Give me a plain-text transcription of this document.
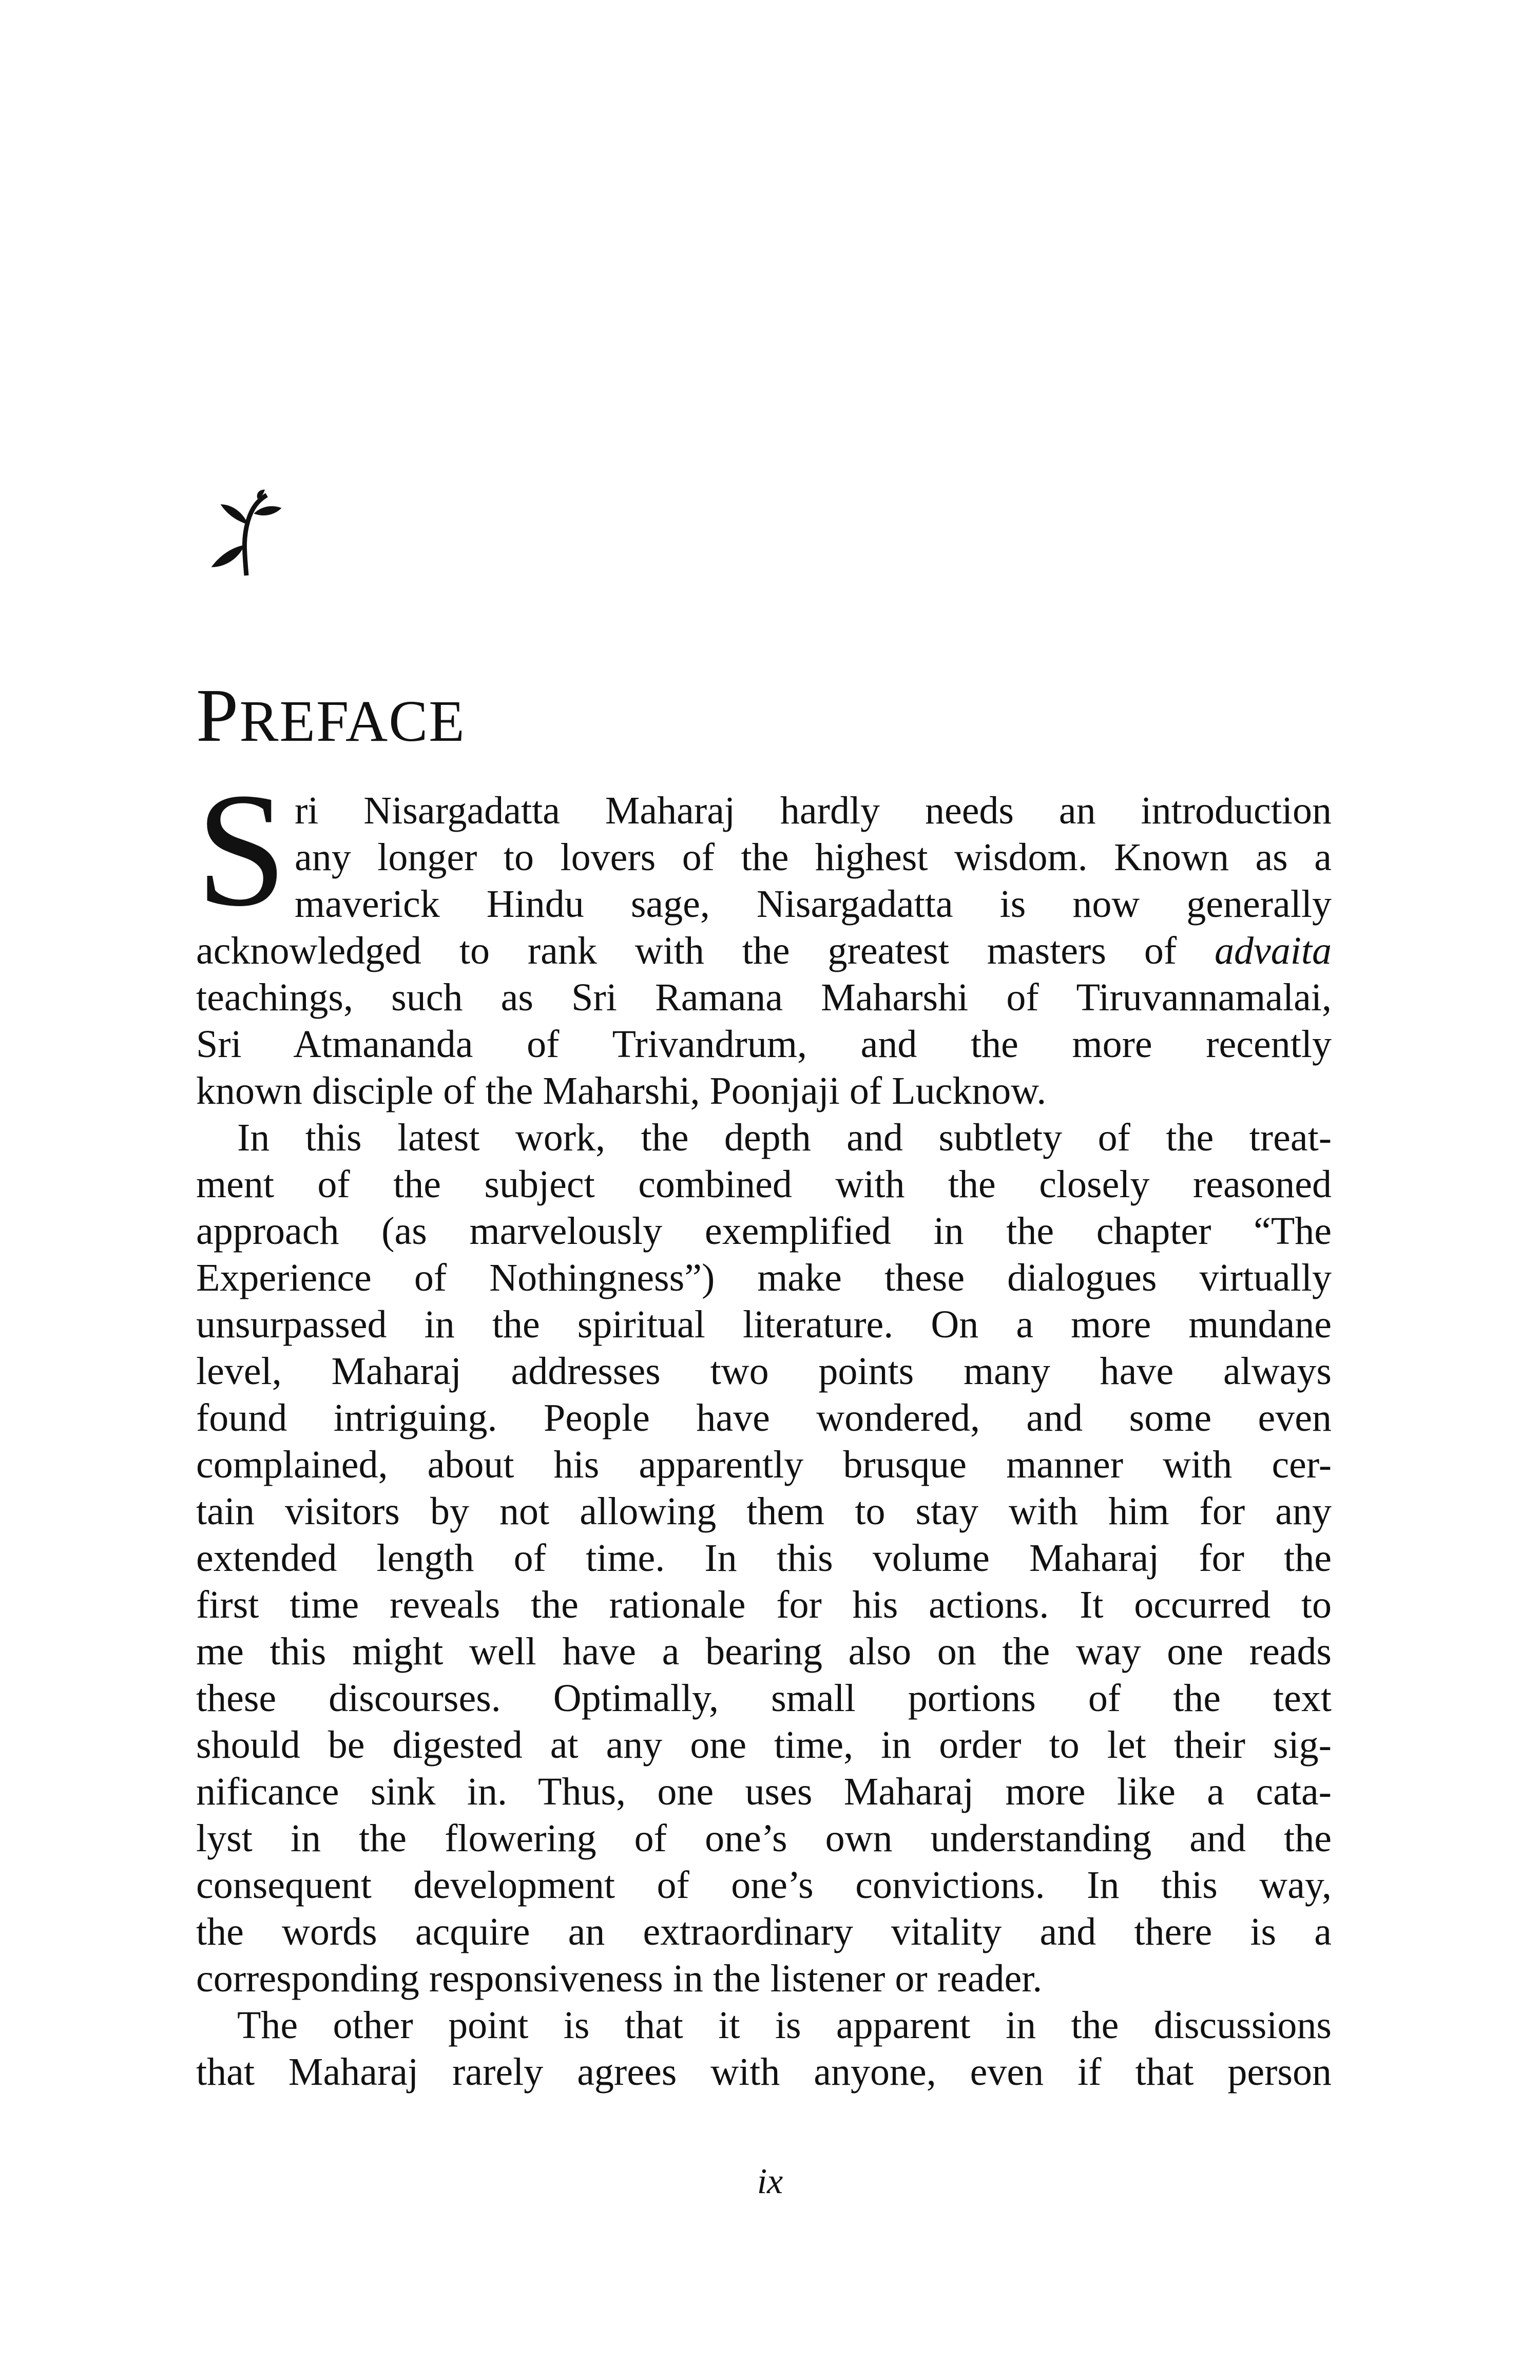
PREFACE
S ri Nisargadatta Maharaj hardly needs an introduction
any longer to lovers of the highest wisdom. Known as a
maverick Hindu sage, Nisargadatta is now generally
acknowledged to rank with the greatest masters of advaita
teachings, such as Sri Ramana Maharshi of Tiruvannamalai,
Sri Atmananda of Trivandrum, and the more recently
known disciple of the Maharshi, Poonjaji of Lucknow.
In this latest work, the depth and subtlety of the treat-
ment of the subject combined with the closely reasoned
approach (as marvelously exemplified in the chapter “The
Experience of Nothingness”) make these dialogues virtually
unsurpassed in the spiritual literature. On a more mundane
level, Maharaj addresses two points many have always
found intriguing. People have wondered, and some even
complained, about his apparently brusque manner with cer-
tain visitors by not allowing them to stay with him for any
extended length of time. In this volume Maharaj for the
first time reveals the rationale for his actions. It occurred to
me this might well have a bearing also on the way one reads
these discourses. Optimally, small portions of the text
should be digested at any one time, in order to let their sig-
nificance sink in. Thus, one uses Maharaj more like a cata-
lyst in the flowering of one’s own understanding and the
consequent development of one’s convictions. In this way,
the words acquire an extraordinary vitality and there is a
corresponding responsiveness in the listener or reader.
The other point is that it is apparent in the discussions
that Maharaj rarely agrees with anyone, even if that person
ix
